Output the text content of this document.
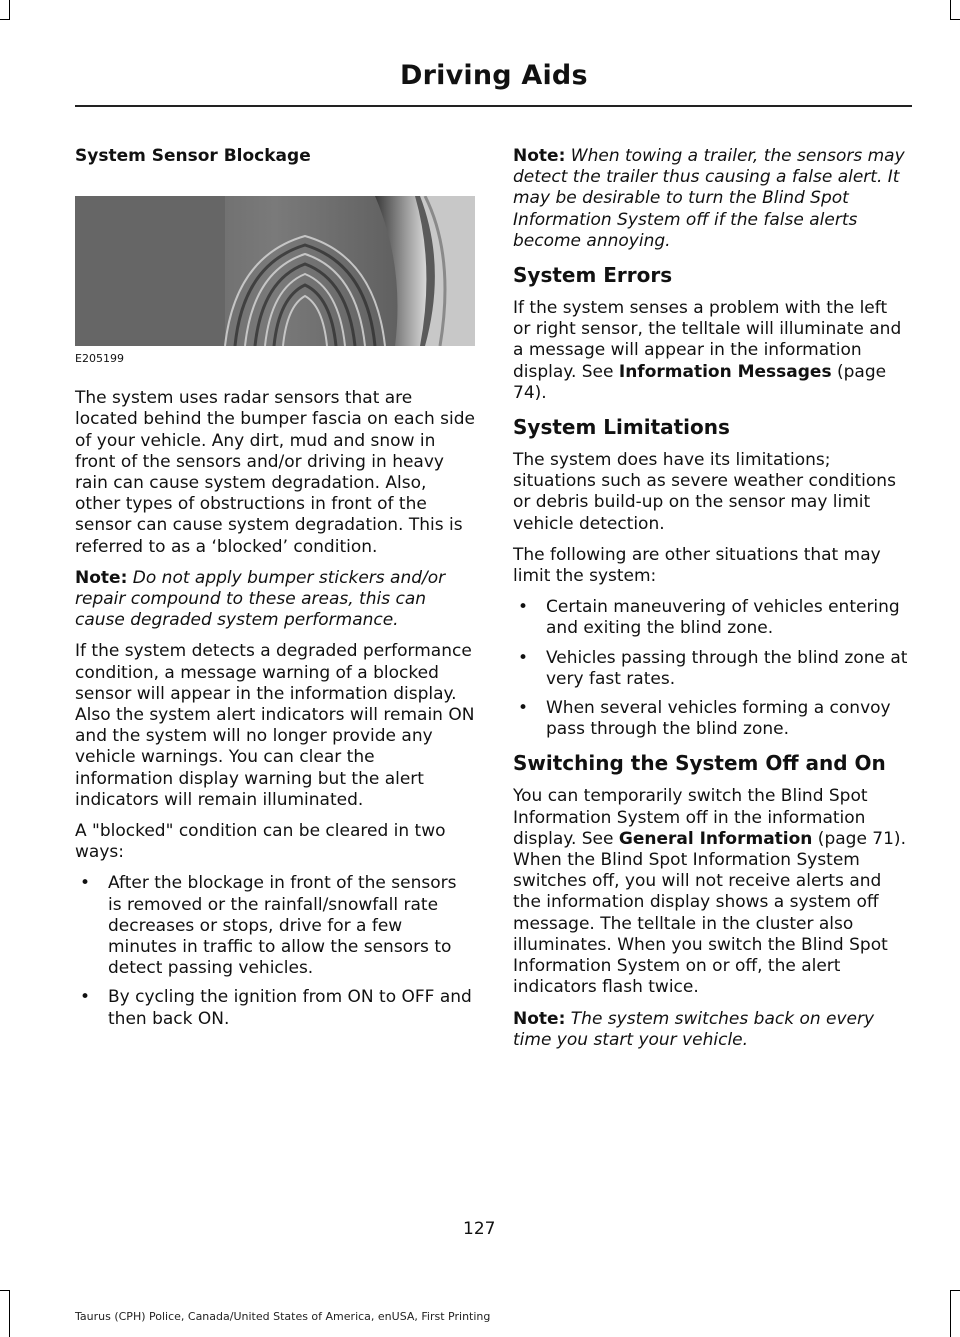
Driving Aids
System Sensor Blockage
E205199

The system uses radar sensors that are located behind the bumper fascia on each side of your vehicle. Any dirt, mud and snow in front of the sensors and/or driving in heavy rain can cause system degradation. Also, other types of obstructions in front of the sensor can cause system degradation. This is referred to as a ‘blocked’ condition.

Note: Do not apply bumper stickers and/or repair compound to these areas, this can cause degraded system performance.

If the system detects a degraded performance condition, a message warning of a blocked sensor will appear in the information display. Also the system alert indicators will remain ON and the system will no longer provide any vehicle warnings. You can clear the information display warning but the alert indicators will remain illuminated.

A "blocked" condition can be cleared in two ways:

• After the blockage in front of the sensors is removed or the rainfall/snowfall rate decreases or stops, drive for a few minutes in traffic to allow the sensors to detect passing vehicles.
• By cycling the ignition from ON to OFF and then back ON.

Note: When towing a trailer, the sensors may detect the trailer thus causing a false alert. It may be desirable to turn the Blind Spot Information System off if the false alerts become annoying.

System Errors

If the system senses a problem with the left or right sensor, the telltale will illuminate and a message will appear in the information display. See Information Messages (page 74).

System Limitations

The system does have its limitations; situations such as severe weather conditions or debris build-up on the sensor may limit vehicle detection.

The following are other situations that may limit the system:

• Certain maneuvering of vehicles entering and exiting the blind zone.
• Vehicles passing through the blind zone at very fast rates.
• When several vehicles forming a convoy pass through the blind zone.
Switching the System Off and On

You can temporarily switch the Blind Spot Information System off in the information display. See General Information (page 71). When the Blind Spot Information System switches off, you will not receive alerts and the information display shows a system off message. The telltale in the cluster also illuminates. When you switch the Blind Spot Information System on or off, the alert indicators flash twice.

Note: The system switches back on every time you start your vehicle.

127
Taurus (CPH) Police, Canada/United States of America, enUSA, First Printing
